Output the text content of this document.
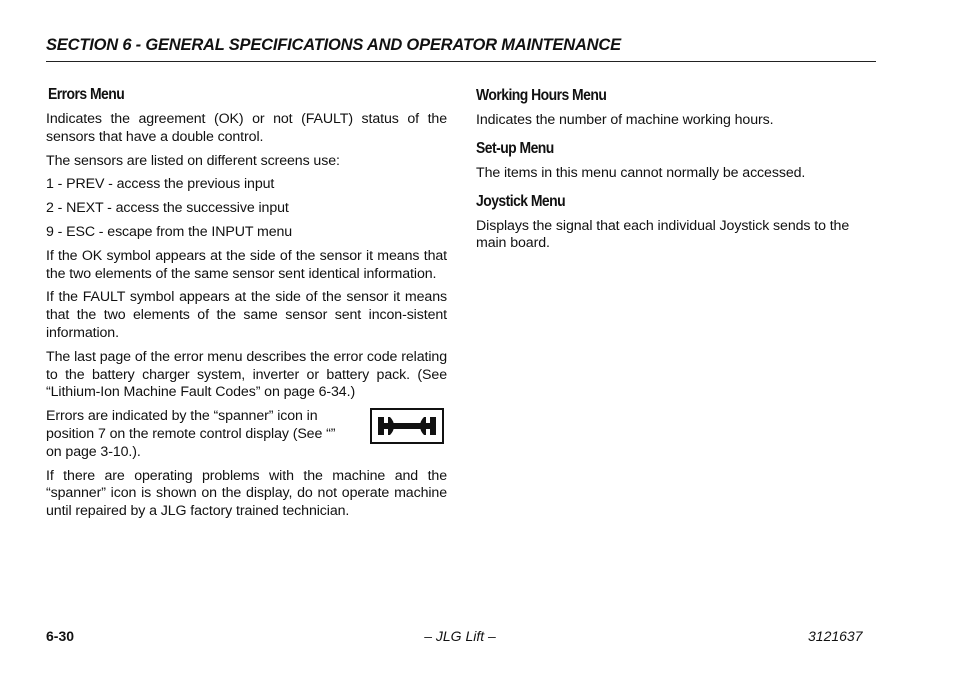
SECTION 6 - GENERAL SPECIFICATIONS AND OPERATOR MAINTENANCE
Errors Menu

Indicates the agreement (OK) or not (FAULT) status of the sensors that have a double control.

The sensors are listed on different screens use:

1 - PREV - access the previous input

2 - NEXT - access the successive input

9 - ESC - escape from the INPUT menu

If the OK symbol appears at the side of the sensor it means that the two elements of the same sensor sent identical information.

If the FAULT symbol appears at the side of the sensor it means that the two elements of the same sensor sent incon-sistent information.

The last page of the error menu describes the error code relating to the battery charger system, inverter or battery pack. (See “Lithium-Ion Machine Fault Codes” on page 6-34.)

Errors are indicated by the “spanner” icon in position 7 on the remote control display (See “” on page 3-10.).

If there are operating problems with the machine and the “spanner” icon is shown on the display, do not operate machine until repaired by a JLG factory trained technician.

Working Hours Menu

Indicates the number of machine working hours.

Set-up Menu

The items in this menu cannot normally be accessed.

Joystick Menu

Displays the signal that each individual Joystick sends to the main board.

6-30	– JLG Lift –	3121637
